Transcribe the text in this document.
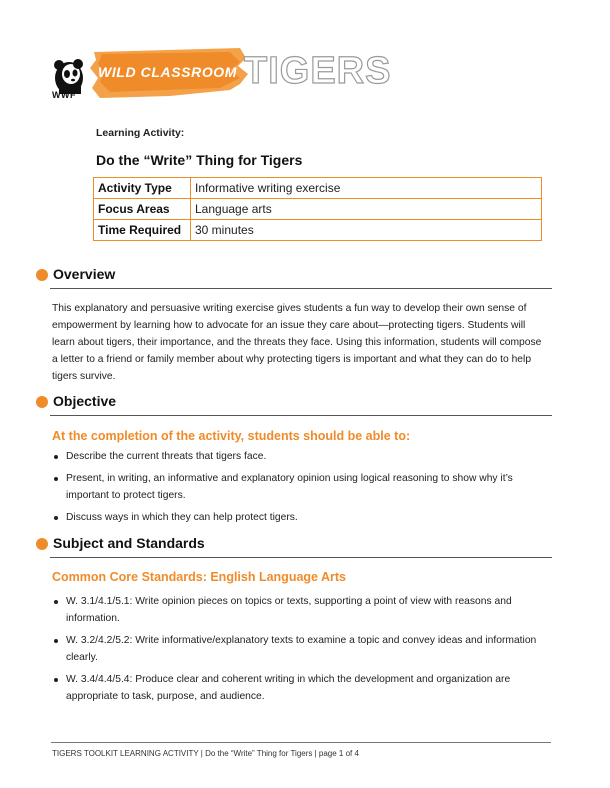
WWF
WILD CLASSROOM TIGERS
Learning Activity:
Do the “Write” Thing for Tigers
Activity Type	Informative writing exercise
Focus Areas	Language arts
Time Required	30 minutes
Overview
This explanatory and persuasive writing exercise gives students a fun way to develop their own sense of empowerment by learning how to advocate for an issue they care about—protecting tigers. Students will learn about tigers, their importance, and the threats they face. Using this information, students will compose a letter to a friend or family member about why protecting tigers is important and what they can do to help tigers survive.
Objective
At the completion of the activity, students should be able to:
Describe the current threats that tigers face.
Present, in writing, an informative and explanatory opinion using logical reasoning to show why it’s important to protect tigers.
Discuss ways in which they can help protect tigers.
Subject and Standards
Common Core Standards: English Language Arts
W. 3.1/4.1/5.1: Write opinion pieces on topics or texts, supporting a point of view with reasons and information.
W. 3.2/4.2/5.2: Write informative/explanatory texts to examine a topic and convey ideas and information clearly.
W. 3.4/4.4/5.4: Produce clear and coherent writing in which the development and organization are appropriate to task, purpose, and audience.
TIGERS TOOLKIT LEARNING ACTIVITY | Do the “Write” Thing for Tigers | page 1 of 4
